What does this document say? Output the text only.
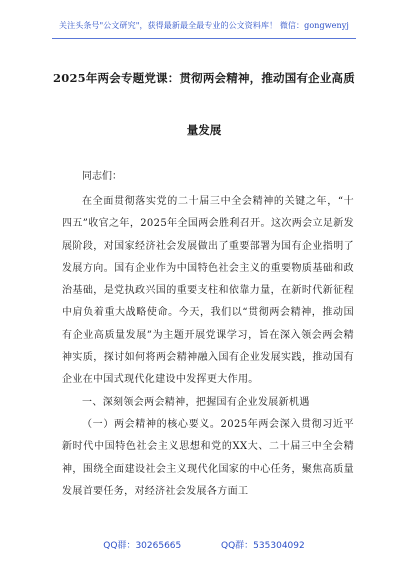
关注头条号"公文研究"，获得最新最全最专业的公文资料库！ 微信：gongwenyj
2025年两会专题党课：贯彻两会精神，推动国有企业高质
量发展
同志们：

在全面贯彻落实党的二十届三中全会精神的关键之年，“十四五”收官之年，2025年全国两会胜利召开。这次两会立足新发展阶段，对国家经济社会发展做出了重要部署为国有企业指明了发展方向。国有企业作为中国特色社会主义的重要物质基础和政治基础，是党执政兴国的重要支柱和依靠力量，在新时代新征程中肩负着重大战略使命。今天，我们以“贯彻两会精神，推动国有企业高质量发展”为主题开展党课学习，旨在深入领会两会精神实质，探讨如何将两会精神融入国有企业发展实践，推动国有企业在中国式现代化建设中发挥更大作用。

一、深刻领会两会精神，把握国有企业发展新机遇

（一）两会精神的核心要义。2025年两会深入贯彻习近平新时代中国特色社会主义思想和党的XX大、二十届三中全会精神，围绕全面建设社会主义现代化国家的中心任务，聚焦高质量发展首要任务，对经济社会发展各方面工

QQ群：30265665	QQ群：535304092
